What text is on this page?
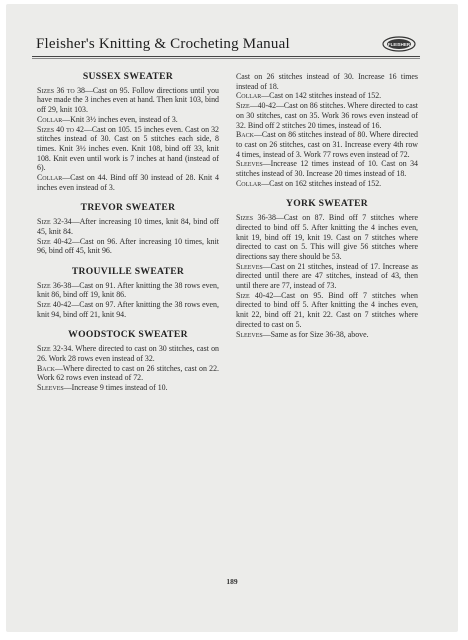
Fleisher's Knitting & Crocheting Manual	FLEISHER
SUSSEX SWEATER

Sizes 36 to 38—Cast on 95. Follow directions until you have made the 3 inches even at hand. Then knit 103, bind off 29, knit 103.

Collar—Knit 3½ inches even, instead of 3.

Sizes 40 to 42—Cast on 105. 15 inches even. Cast on 32 stitches instead of 30. Cast on 5 stitches each side, 8 times. Knit 3½ inches even. Knit 108, bind off 33, knit 108. Knit even until work is 7 inches at hand (instead of 6).

Collar—Cast on 44. Bind off 30 instead of 28. Knit 4 inches even instead of 3.

TREVOR SWEATER

Size 32-34—After increasing 10 times, knit 84, bind off 45, knit 84.

Size 40-42—Cast on 96. After increasing 10 times, knit 96, bind off 45, knit 96.

TROUVILLE SWEATER

Size 36-38—Cast on 91. After knitting the 38 rows even, knit 86, bind off 19, knit 86.

Size 40-42—Cast on 97. After knitting the 38 rows even, knit 94, bind off 21, knit 94.

WOODSTOCK SWEATER

Size 32-34. Where directed to cast on 30 stitches, cast on 26. Work 28 rows even instead of 32.

Back—Where directed to cast on 26 stitches, cast on 22. Work 62 rows even instead of 72.

Sleeves—Increase 9 times instead of 10.

Cast on 26 stitches instead of 30. Increase 16 times instead of 18.

Collar—Cast on 142 stitches instead of 152.

Size—40-42—Cast on 86 stitches. Where directed to cast on 30 stitches, cast on 35. Work 36 rows even instead of 32. Bind off 2 stitches 20 times, instead of 16.

Back—Cast on 86 stitches instead of 80. Where directed to cast on 26 stitches, cast on 31. Increase every 4th row 4 times, instead of 3. Work 77 rows even instead of 72.

Sleeves—Increase 12 times instead of 10. Cast on 34 stitches instead of 30. Increase 20 times instead of 18.

Collar—Cast on 162 stitches instead of 152.

YORK SWEATER

Sizes 36-38—Cast on 87. Bind off 7 stitches where directed to bind off 5. After knitting the 4 inches even, knit 19, bind off 19, knit 19. Cast on 7 stitches where directed to cast on 5. This will give 56 stitches where directions say there should be 53.

Sleeves—Cast on 21 stitches, instead of 17. Increase as directed until there are 47 stitches, instead of 43, then until there are 77, instead of 73.

Size 40-42—Cast on 95. Bind off 7 stitches when directed to bind off 5. After knitting the 4 inches even, knit 22, bind off 21, knit 22. Cast on 7 stitches where directed to cast on 5.

Sleeves—Same as for Size 36-38, above.

189
